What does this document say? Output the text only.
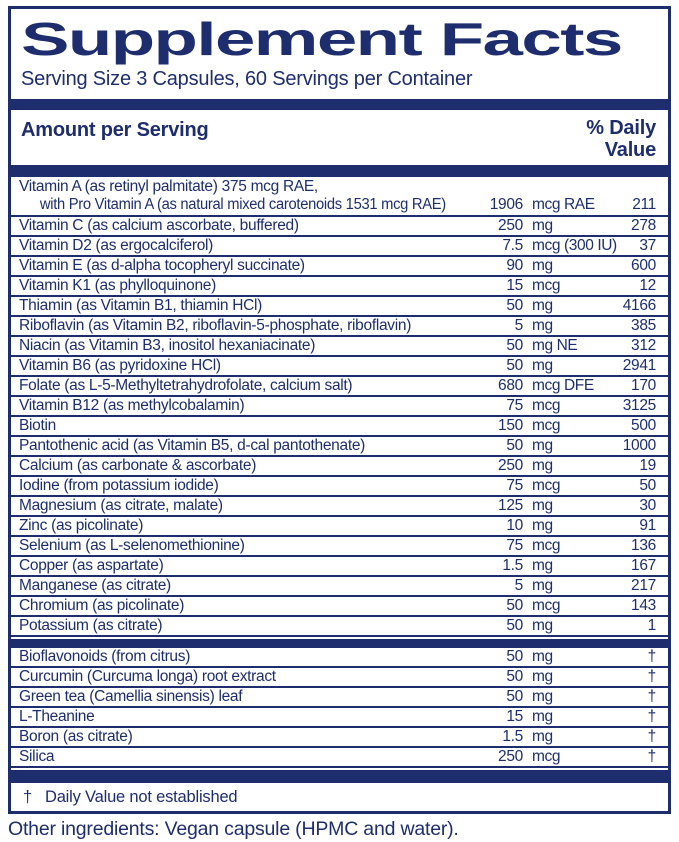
Supplement Facts
Serving Size 3 Capsules, 60 Servings per Container
Amount per Serving	% Daily
Value
Vitamin A (as retinyl palmitate) 375 mcg RAE,
with Pro Vitamin A (as natural mixed carotenoids 1531 mcg RAE)	1906 mcg RAE	211
Vitamin C (as calcium ascorbate, buffered)	250 mg	278
Vitamin D2 (as ergocalciferol)	7.5 mcg (300 IU)	37
Vitamin E (as d-alpha tocopheryl succinate)	90 mg	600
Vitamin K1 (as phylloquinone)	15 mcg	12
Thiamin (as Vitamin B1, thiamin HCl)	50 mg	4166
Riboflavin (as Vitamin B2, riboflavin-5-phosphate, riboflavin)	5 mg	385
Niacin (as Vitamin B3, inositol hexaniacinate)	50 mg NE	312
Vitamin B6 (as pyridoxine HCl)	50 mg	2941
Folate (as L-5-Methyltetrahydrofolate, calcium salt)	680 mcg DFE	170
Vitamin B12 (as methylcobalamin)	75 mcg	3125
Biotin	150 mcg	500
Pantothenic acid (as Vitamin B5, d-cal pantothenate)	50 mg	1000
Calcium (as carbonate & ascorbate)	250 mg	19
Iodine (from potassium iodide)	75 mcg	50
Magnesium (as citrate, malate)	125 mg	30
Zinc (as picolinate)	10 mg	91
Selenium (as L-selenomethionine)	75 mcg	136
Copper (as aspartate)	1.5 mg	167
Manganese (as citrate)	5 mg	217
Chromium (as picolinate)	50 mcg	143
Potassium (as citrate)	50 mg	1
Bioflavonoids (from citrus)	50 mg	†
Curcumin (Curcuma longa) root extract	50 mg	†
Green tea (Camellia sinensis) leaf	50 mg	†
L-Theanine	15 mg	†
Boron (as citrate)	1.5 mg	†
Silica	250 mcg	†
† Daily Value not established
Other ingredients: Vegan capsule (HPMC and water).
